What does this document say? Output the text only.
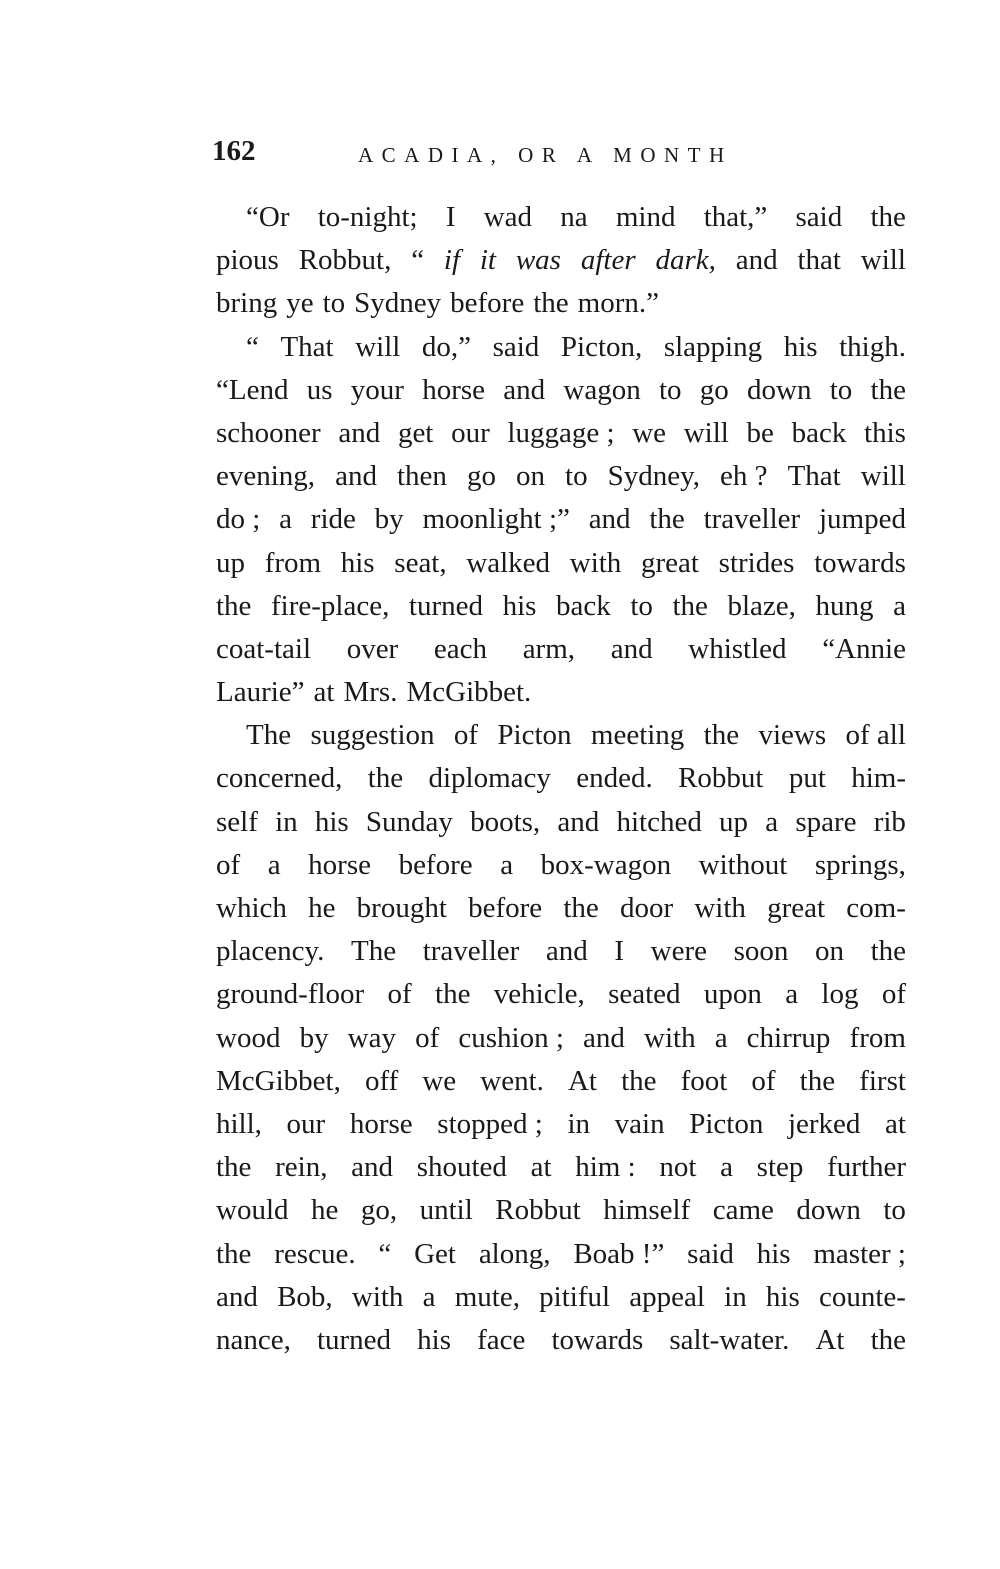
162	ACADIA, OR A MONTH
“Or to-night; I wad na mind that,” said the
pious Robbut, “ if it was after dark, and that will
bring ye to Sydney before the morn.”
“ That will do,” said Picton, slapping his thigh.
“Lend us your horse and wagon to go down to the
schooner and get our luggage ; we will be back this
evening, and then go on to Sydney, eh ? That will
do ; a ride by moonlight ;” and the traveller jumped
up from his seat, walked with great strides towards
the fire-place, turned his back to the blaze, hung a
coat-tail over each arm, and whistled “Annie
Laurie” at Mrs. McGibbet.
The suggestion of Picton meeting the views of all
concerned, the diplomacy ended. Robbut put him-
self in his Sunday boots, and hitched up a spare rib
of a horse before a box-wagon without springs,
which he brought before the door with great com-
placency. The traveller and I were soon on the
ground-floor of the vehicle, seated upon a log of
wood by way of cushion ; and with a chirrup from
McGibbet, off we went. At the foot of the first
hill, our horse stopped ; in vain Picton jerked at
the rein, and shouted at him : not a step further
would he go, until Robbut himself came down to
the rescue. “ Get along, Boab !” said his master ;
and Bob, with a mute, pitiful appeal in his counte-
nance, turned his face towards salt-water. At the
